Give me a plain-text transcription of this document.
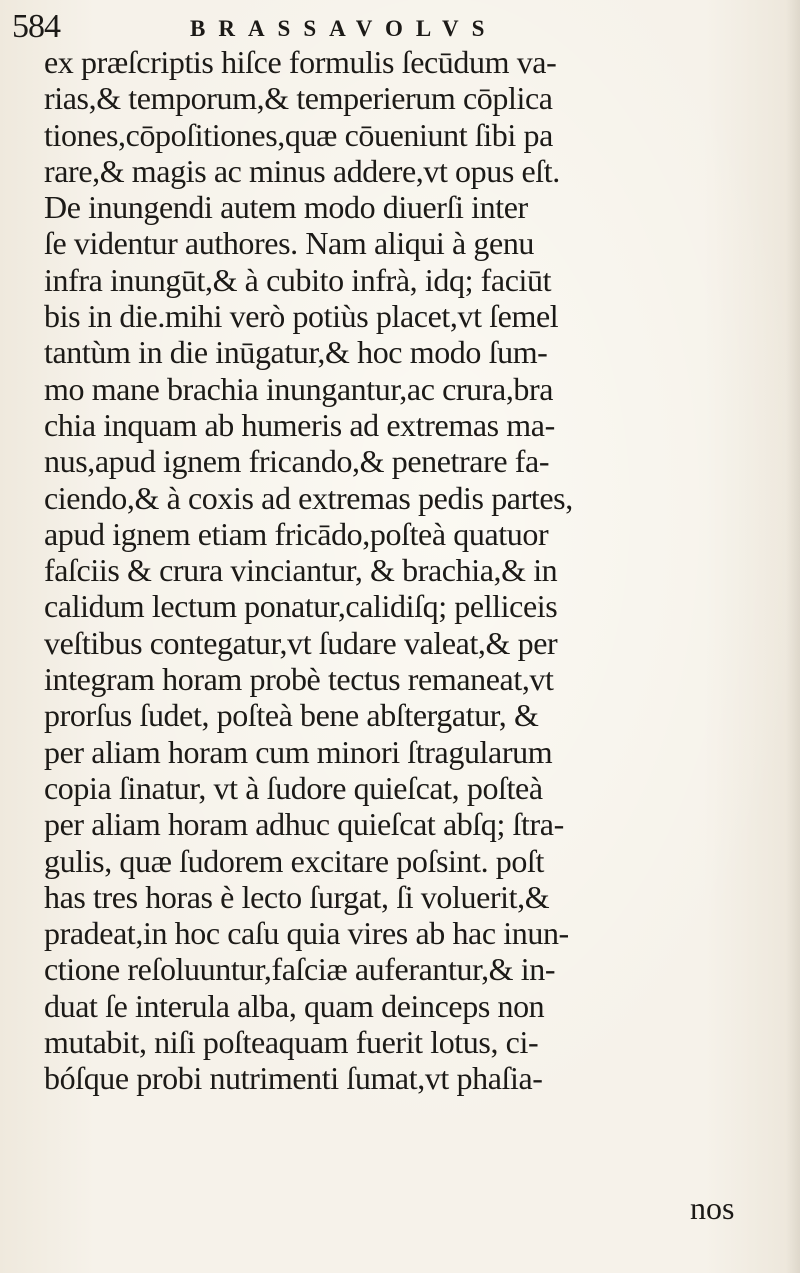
584	BRASSAVOLVS
ex præſcriptis hiſce formulis ſecūdum va-
rias,& temporum,& temperierum cōplica
tiones,cōpoſitiones,quæ cōueniunt ſibi pa
rare,& magis ac minus addere,vt opus eſt.
De inungendi autem modo diuerſi inter
ſe videntur authores. Nam aliqui à genu
infra inungūt,& à cubito infrà, idq; faciūt
bis in die.mihi verò potiùs placet,vt ſemel
tantùm in die inūgatur,& hoc modo ſum-
mo mane brachia inungantur,ac crura,bra
chia inquam ab humeris ad extremas ma-
nus,apud ignem fricando,& penetrare fa-
ciendo,& à coxis ad extremas pedis partes,
apud ignem etiam fricādo,poſteà quatuor
faſciis & crura vinciantur, & brachia,& in
calidum lectum ponatur,calidiſq; pelliceis
veſtibus contegatur,vt ſudare valeat,& per
integram horam probè tectus remaneat,vt
prorſus ſudet, poſteà bene abſtergatur, &
per aliam horam cum minori ſtragularum
copia ſinatur, vt à ſudore quieſcat, poſteà
per aliam horam adhuc quieſcat abſq; ſtra-
gulis, quæ ſudorem excitare poſsint. poſt
has tres horas è lecto ſurgat, ſi voluerit,&
pradeat,in hoc caſu quia vires ab hac inun-
ctione reſoluuntur,faſciæ auferantur,& in-
duat ſe interula alba, quam deinceps non
mutabit, niſi poſteaquam fuerit lotus, ci-
bóſque probi nutrimenti ſumat,vt phaſia-
nos
